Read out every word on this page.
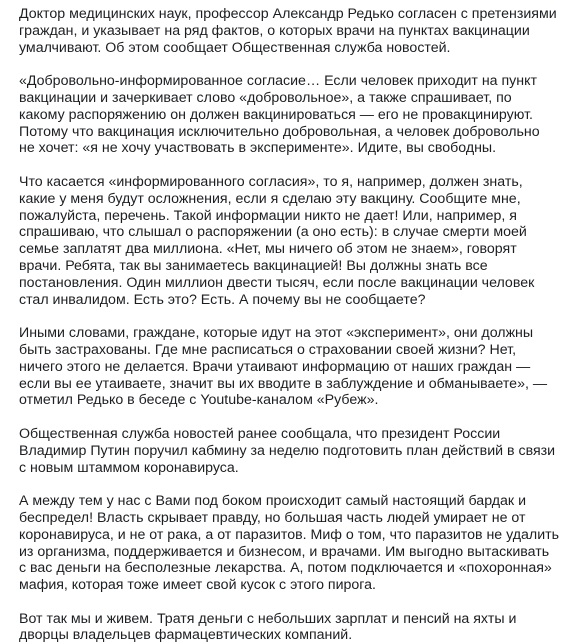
Доктор медицинских наук, профессор Александр Редько согласен с претензиями граждан, и указывает на ряд фактов, о которых врачи на пунктах вакцинации умалчивают. Об этом сообщает Общественная служба новостей.

«Добровольно-информированное согласие… Если человек приходит на пункт вакцинации и зачеркивает слово «добровольное», а также спрашивает, по какому распоряжению он должен вакцинироваться — его не провакцинируют. Потому что вакцинация исключительно добровольная, а человек добровольно не хочет: «я не хочу участвовать в эксперименте». Идите, вы свободны.

Что касается «информированного согласия», то я, например, должен знать, какие у меня будут осложнения, если я сделаю эту вакцину. Сообщите мне, пожалуйста, перечень. Такой информации никто не дает! Или, например, я спрашиваю, что слышал о распоряжении (а оно есть): в случае смерти моей семье заплатят два миллиона. «Нет, мы ничего об этом не знаем», говорят врачи. Ребята, так вы занимаетесь вакцинацией! Вы должны знать все постановления. Один миллион двести тысяч, если после вакцинации человек стал инвалидом. Есть это? Есть. А почему вы не сообщаете?

Иными словами, граждане, которые идут на этот «эксперимент», они должны быть застрахованы. Где мне расписаться о страховании своей жизни? Нет, ничего этого не делается. Врачи утаивают информацию от наших граждан — если вы ее утаиваете, значит вы их вводите в заблуждение и обманываете», — отметил Редько в беседе с Youtube-каналом «Рубеж».

Общественная служба новостей ранее сообщала, что президент России Владимир Путин поручил кабмину за неделю подготовить план действий в связи с новым штаммом коронавируса.

А между тем у нас с Вами под боком происходит самый настоящий бардак и беспредел! Власть скрывает правду, но большая часть людей умирает не от коронавируса, и не от рака, а от паразитов. Миф о том, что паразитов не удалить из организма, поддерживается и бизнесом, и врачами. Им выгодно вытаскивать с вас деньги на бесполезные лекарства. А, потом подключается и «похоронная» мафия, которая тоже имеет свой кусок с этого пирога.

Вот так мы и живем. Тратя деньги с небольших зарплат и пенсий на яхты и дворцы владельцев фармацевтических компаний.
